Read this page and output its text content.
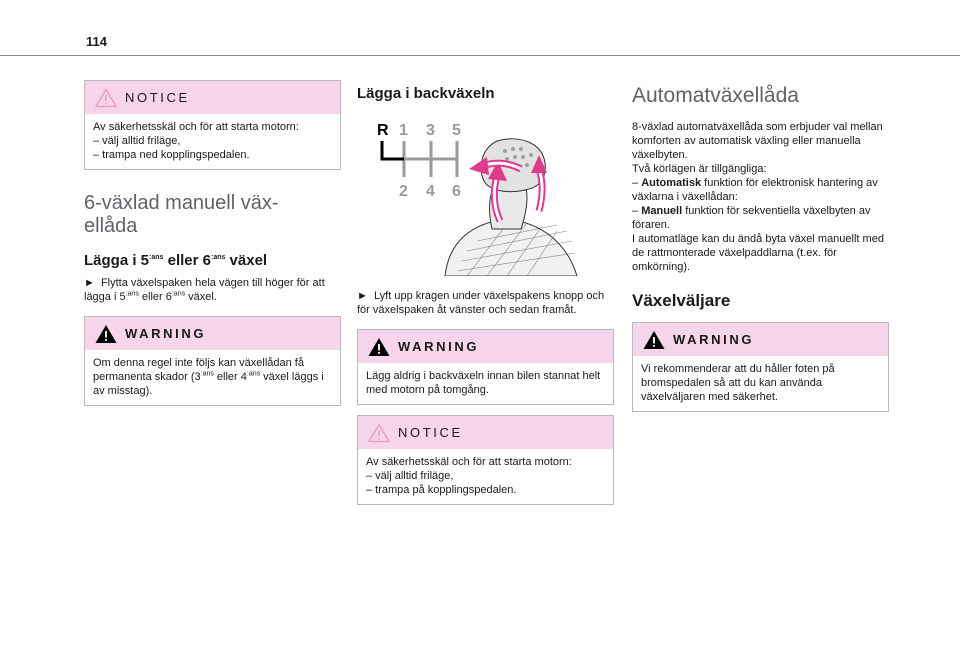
114
NOTICE

Av säkerhetsskäl och för att starta motorn:

– välj alltid friläge,

– trampa ned kopplingspedalen.

6-växlad manuell väx-
ellåda
Lägga i $5^{:ans}$ eller $6^{:ans}$ växel

► Flytta växelspaken hela vägen till höger för att lägga i $5^{:ans}$ eller $6^{:ans}$ växel.

WARNING

Om denna regel inte följs kan växellådan få permanenta skador ($3^{:ans}$ eller $4^{:ans}$ växel läggs i av misstag).

Lägga i backväxeln
R 1 3 5
2 4 6

► Lyft upp kragen under växelspakens knopp och för växelspaken åt vänster och sedan framåt.

WARNING

Lägg aldrig i backväxeln innan bilen stannat helt med motorn på tomgång.

NOTICE

Av säkerhetsskäl och för att starta motorn:

– välj alltid friläge,

– trampa på kopplingspedalen.

Automatväxellåda

8-växlad automatväxellåda som erbjuder val mellan komforten av automatisk växling eller manuella växelbyten.

Två körlägen är tillgängliga:

– Automatisk funktion för elektronisk hantering av växlarna i växellådan:

– Manuell funktion för sekventiella växelbyten av föraren.

I automatläge kan du ändå byta växel manuellt med de rattmonterade växelpaddlarna (t.ex. för omkörning).

Växelväljare
WARNING

Vi rekommenderar att du håller foten på bromspedalen så att du kan använda växelväljaren med säkerhet.
